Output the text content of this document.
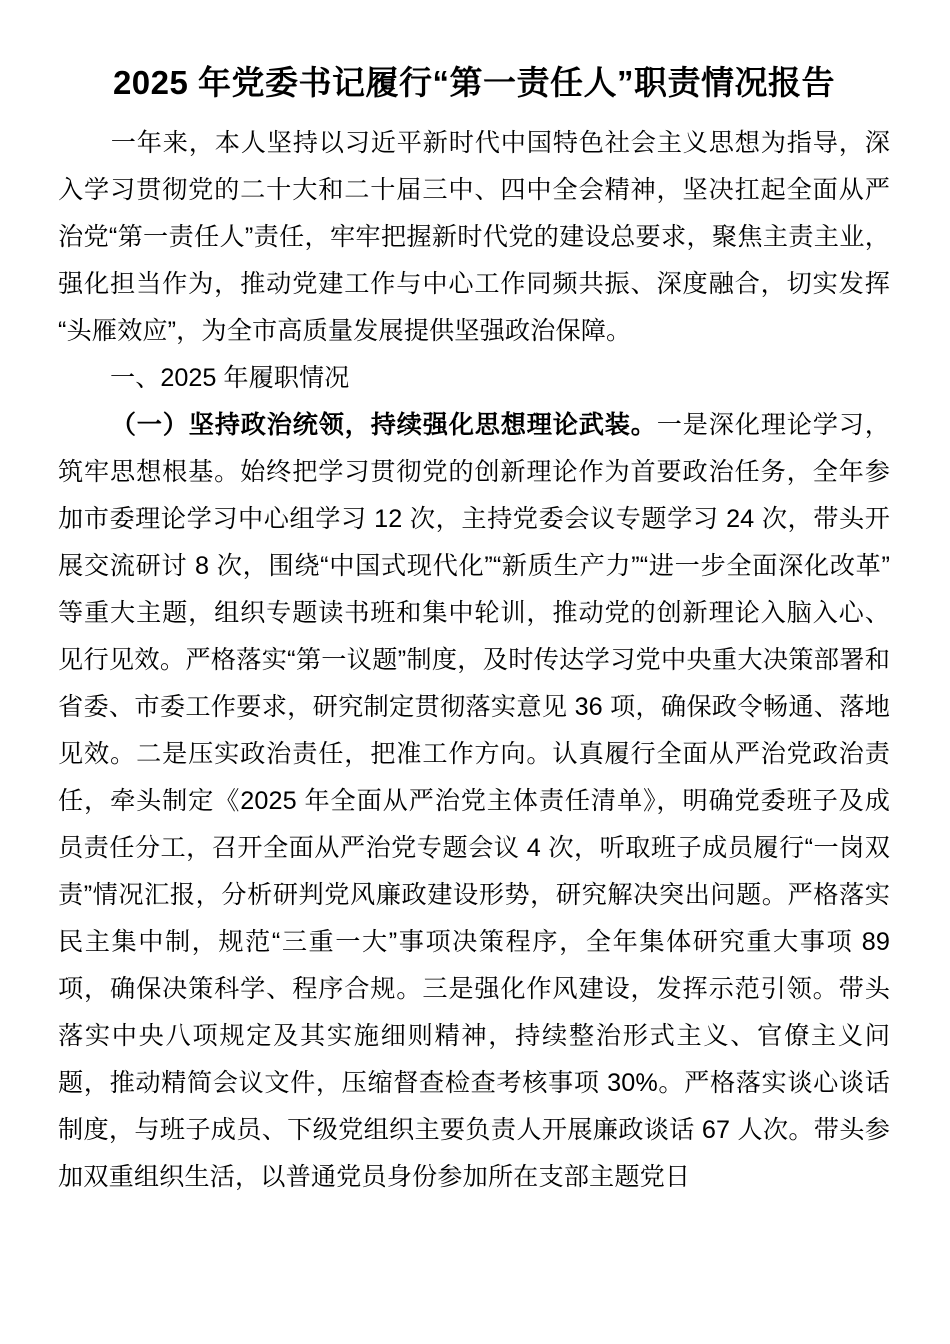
2025 年党委书记履行“第一责任人”职责情况报告

一年来，本人坚持以习近平新时代中国特色社会主义思想为指导，深入学习贯彻党的二十大和二十届三中、四中全会精神，坚决扛起全面从严治党“第一责任人”责任，牢牢把握新时代党的建设总要求，聚焦主责主业，强化担当作为，推动党建工作与中心工作同频共振、深度融合，切实发挥“头雁效应”，为全市高质量发展提供坚强政治保障。

一、2025 年履职情况

（一）坚持政治统领，持续强化思想理论武装。一是深化理论学习，筑牢思想根基。始终把学习贯彻党的创新理论作为首要政治任务，全年参加市委理论学习中心组学习 12 次，主持党委会议专题学习 24 次，带头开展交流研讨 8 次，围绕“中国式现代化”“新质生产力”“进一步全面深化改革”等重大主题，组织专题读书班和集中轮训，推动党的创新理论入脑入心、见行见效。严格落实“第一议题”制度，及时传达学习党中央重大决策部署和省委、市委工作要求，研究制定贯彻落实意见 36 项，确保政令畅通、落地见效。二是压实政治责任，把准工作方向。认真履行全面从严治党政治责任，牵头制定《2025 年全面从严治党主体责任清单》，明确党委班子及成员责任分工，召开全面从严治党专题会议 4 次，听取班子成员履行“一岗双责”情况汇报，分析研判党风廉政建设形势，研究解决突出问题。严格落实民主集中制，规范“三重一大”事项决策程序，全年集体研究重大事项 89 项，确保决策科学、程序合规。三是强化作风建设，发挥示范引领。带头落实中央八项规定及其实施细则精神，持续整治形式主义、官僚主义问题，推动精简会议文件，压缩督查检查考核事项 30%。严格落实谈心谈话制度，与班子成员、下级党组织主要负责人开展廉政谈话 67 人次。带头参加双重组织生活，以普通党员身份参加所在支部主题党日
